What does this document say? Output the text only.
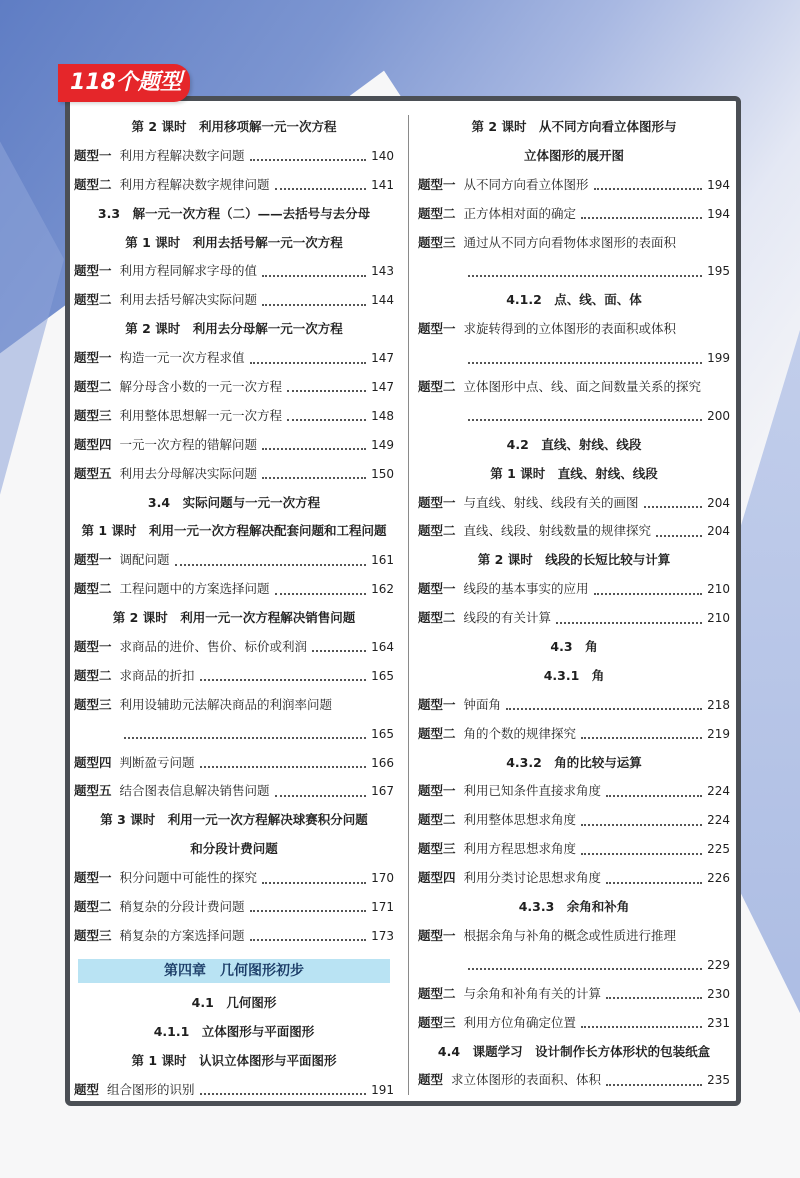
第 2 课时　利用移项解一元一次方程
题型一 利用方程解决数字问题	140
题型二 利用方程解决数字规律问题	141
3.3　解一元一次方程（二）——去括号与去分母
第 1 课时　利用去括号解一元一次方程
题型一 利用方程同解求字母的值	143
题型二 利用去括号解决实际问题	144
第 2 课时　利用去分母解一元一次方程
题型一 构造一元一次方程求值	147
题型二 解分母含小数的一元一次方程	147
题型三 利用整体思想解一元一次方程	148
题型四 一元一次方程的错解问题	149
题型五 利用去分母解决实际问题	150
3.4　实际问题与一元一次方程
第 1 课时　利用一元一次方程解决配套问题和工程问题
题型一 调配问题	161
题型二 工程问题中的方案选择问题	162
第 2 课时　利用一元一次方程解决销售问题
题型一 求商品的进价、售价、标价或利润	164
题型二 求商品的折扣	165
题型三 利用设辅助元法解决商品的利润率问题
165
题型四 判断盈亏问题	166
题型五 结合图表信息解决销售问题	167
第 3 课时　利用一元一次方程解决球赛积分问题
和分段计费问题
题型一 积分问题中可能性的探究	170
题型二 稍复杂的分段计费问题	171
题型三 稍复杂的方案选择问题	173
第四章　几何图形初步
4.1　几何图形
4.1.1　立体图形与平面图形
第 1 课时　认识立体图形与平面图形
题型 组合图形的识别	191
第 2 课时　从不同方向看立体图形与
立体图形的展开图
题型一 从不同方向看立体图形	194
题型二 正方体相对面的确定	194
题型三 通过从不同方向看物体求图形的表面积
195
4.1.2　点、线、面、体
题型一 求旋转得到的立体图形的表面积或体积
199
题型二 立体图形中点、线、面之间数量关系的探究
200
4.2　直线、射线、线段
第 1 课时　直线、射线、线段
题型一 与直线、射线、线段有关的画图	204
题型二 直线、线段、射线数量的规律探究	204
第 2 课时　线段的长短比较与计算
题型一 线段的基本事实的应用	210
题型二 线段的有关计算	210
4.3　角
4.3.1　角
题型一 钟面角	218
题型二 角的个数的规律探究	219
4.3.2　角的比较与运算
题型一 利用已知条件直接求角度	224
题型二 利用整体思想求角度	224
题型三 利用方程思想求角度	225
题型四 利用分类讨论思想求角度	226
4.3.3　余角和补角
题型一 根据余角与补角的概念或性质进行推理
229
题型二 与余角和补角有关的计算	230
题型三 利用方位角确定位置	231
4.4　课题学习　设计制作长方体形状的包装纸盒
题型 求立体图形的表面积、体积	235
118个题型
